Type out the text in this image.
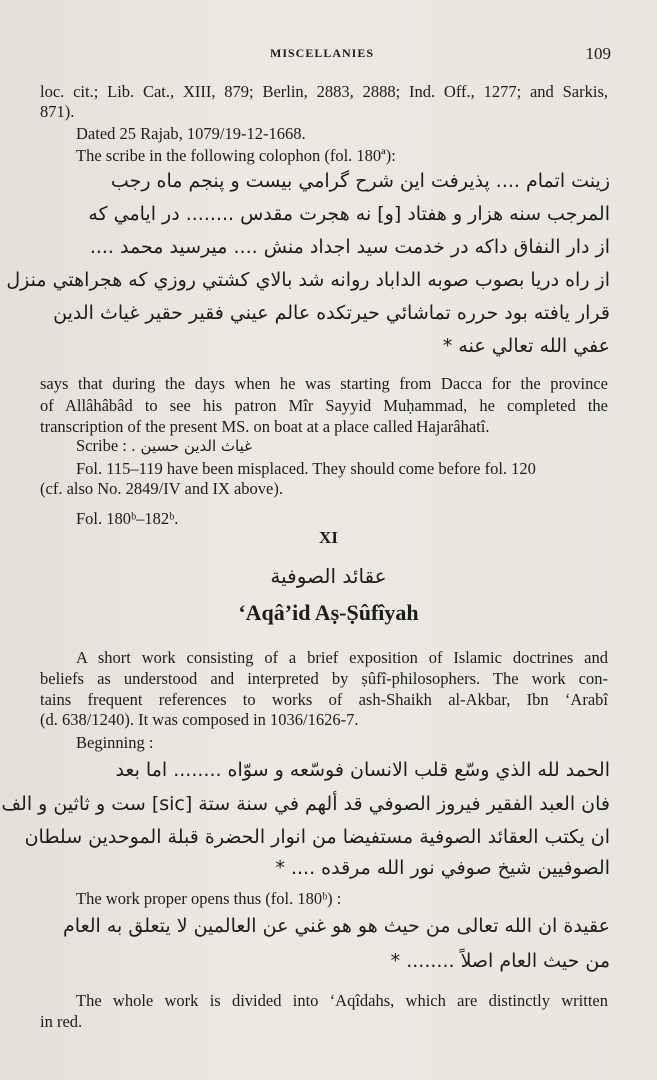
MISCELLANIES	109
loc. cit.; Lib. Cat., XIII, 879; Berlin, 2883, 2888; Ind. Off., 1277; and Sarkis,
871).
Dated 25 Rajab, 1079/19-12-1668.
The scribe in the following colophon (fol. 180ª):
زينت اتمام .... پذيرفت اين شرح گرامي بيست و پنجم ماه رجب
المرجب سنه هزار و هفتاد [و] نه هجرت مقدس ........ در ايامي كه
از دار النفاق داكه در خدمت سيد اجداد منش .... ميرسيد محمد ....
از راه دريا بصوب صوبه الداباد روانه شد بالاي كشتي روزي كه هجراهتي منزل
قرار يافته بود حرره تماشائي حيرتكده عالم عيني فقير حقير غياث الدين
عفي الله تعالي عنه *
says that during the days when he was starting from Dacca for the province
of Allâhâbâd to see his patron Mîr Sayyid Muḥammad, he completed the
transcription of the present MS. on boat at a place called Hajarâhatî.
Scribe : غياث الدين حسين .
Fol. 115–119 have been misplaced. They should come before fol. 120
(cf. also No. 2849/IV and IX above).
Fol. 180ᵇ–182ᵇ.
XI
عقائد الصوفية
‘Aqâ’id Aṣ-Ṣûfîyah
A short work consisting of a brief exposition of Islamic doctrines and
beliefs as understood and interpreted by ṣûfî-philosophers. The work con-
tains frequent references to works of ash-Shaikh al-Akbar, Ibn ‘Arabî
(d. 638/1240). It was composed in 1036/1626-7.
Beginning :
الحمد لله الذي وسّع قلب الانسان فوسّعه و سوّاه ........ اما بعد
فان العبد الفقير فيروز الصوفي قد ألهم في سنة ستة [sic] ست و ثاثين و الف
ان يكتب العقائد الصوفية مستفيضا من انوار الحضرة قبلة الموحدين سلطان
الصوفيين شيخ صوفي نور الله مرقده .... *
The work proper opens thus (fol. 180ᵇ) :
عقيدة ان الله تعالى من حيث هو هو غني عن العالمين لا يتعلق به العام
من حيث العام اصلاً ........ *
The whole work is divided into ‘Aqîdahs, which are distinctly written
in red.
